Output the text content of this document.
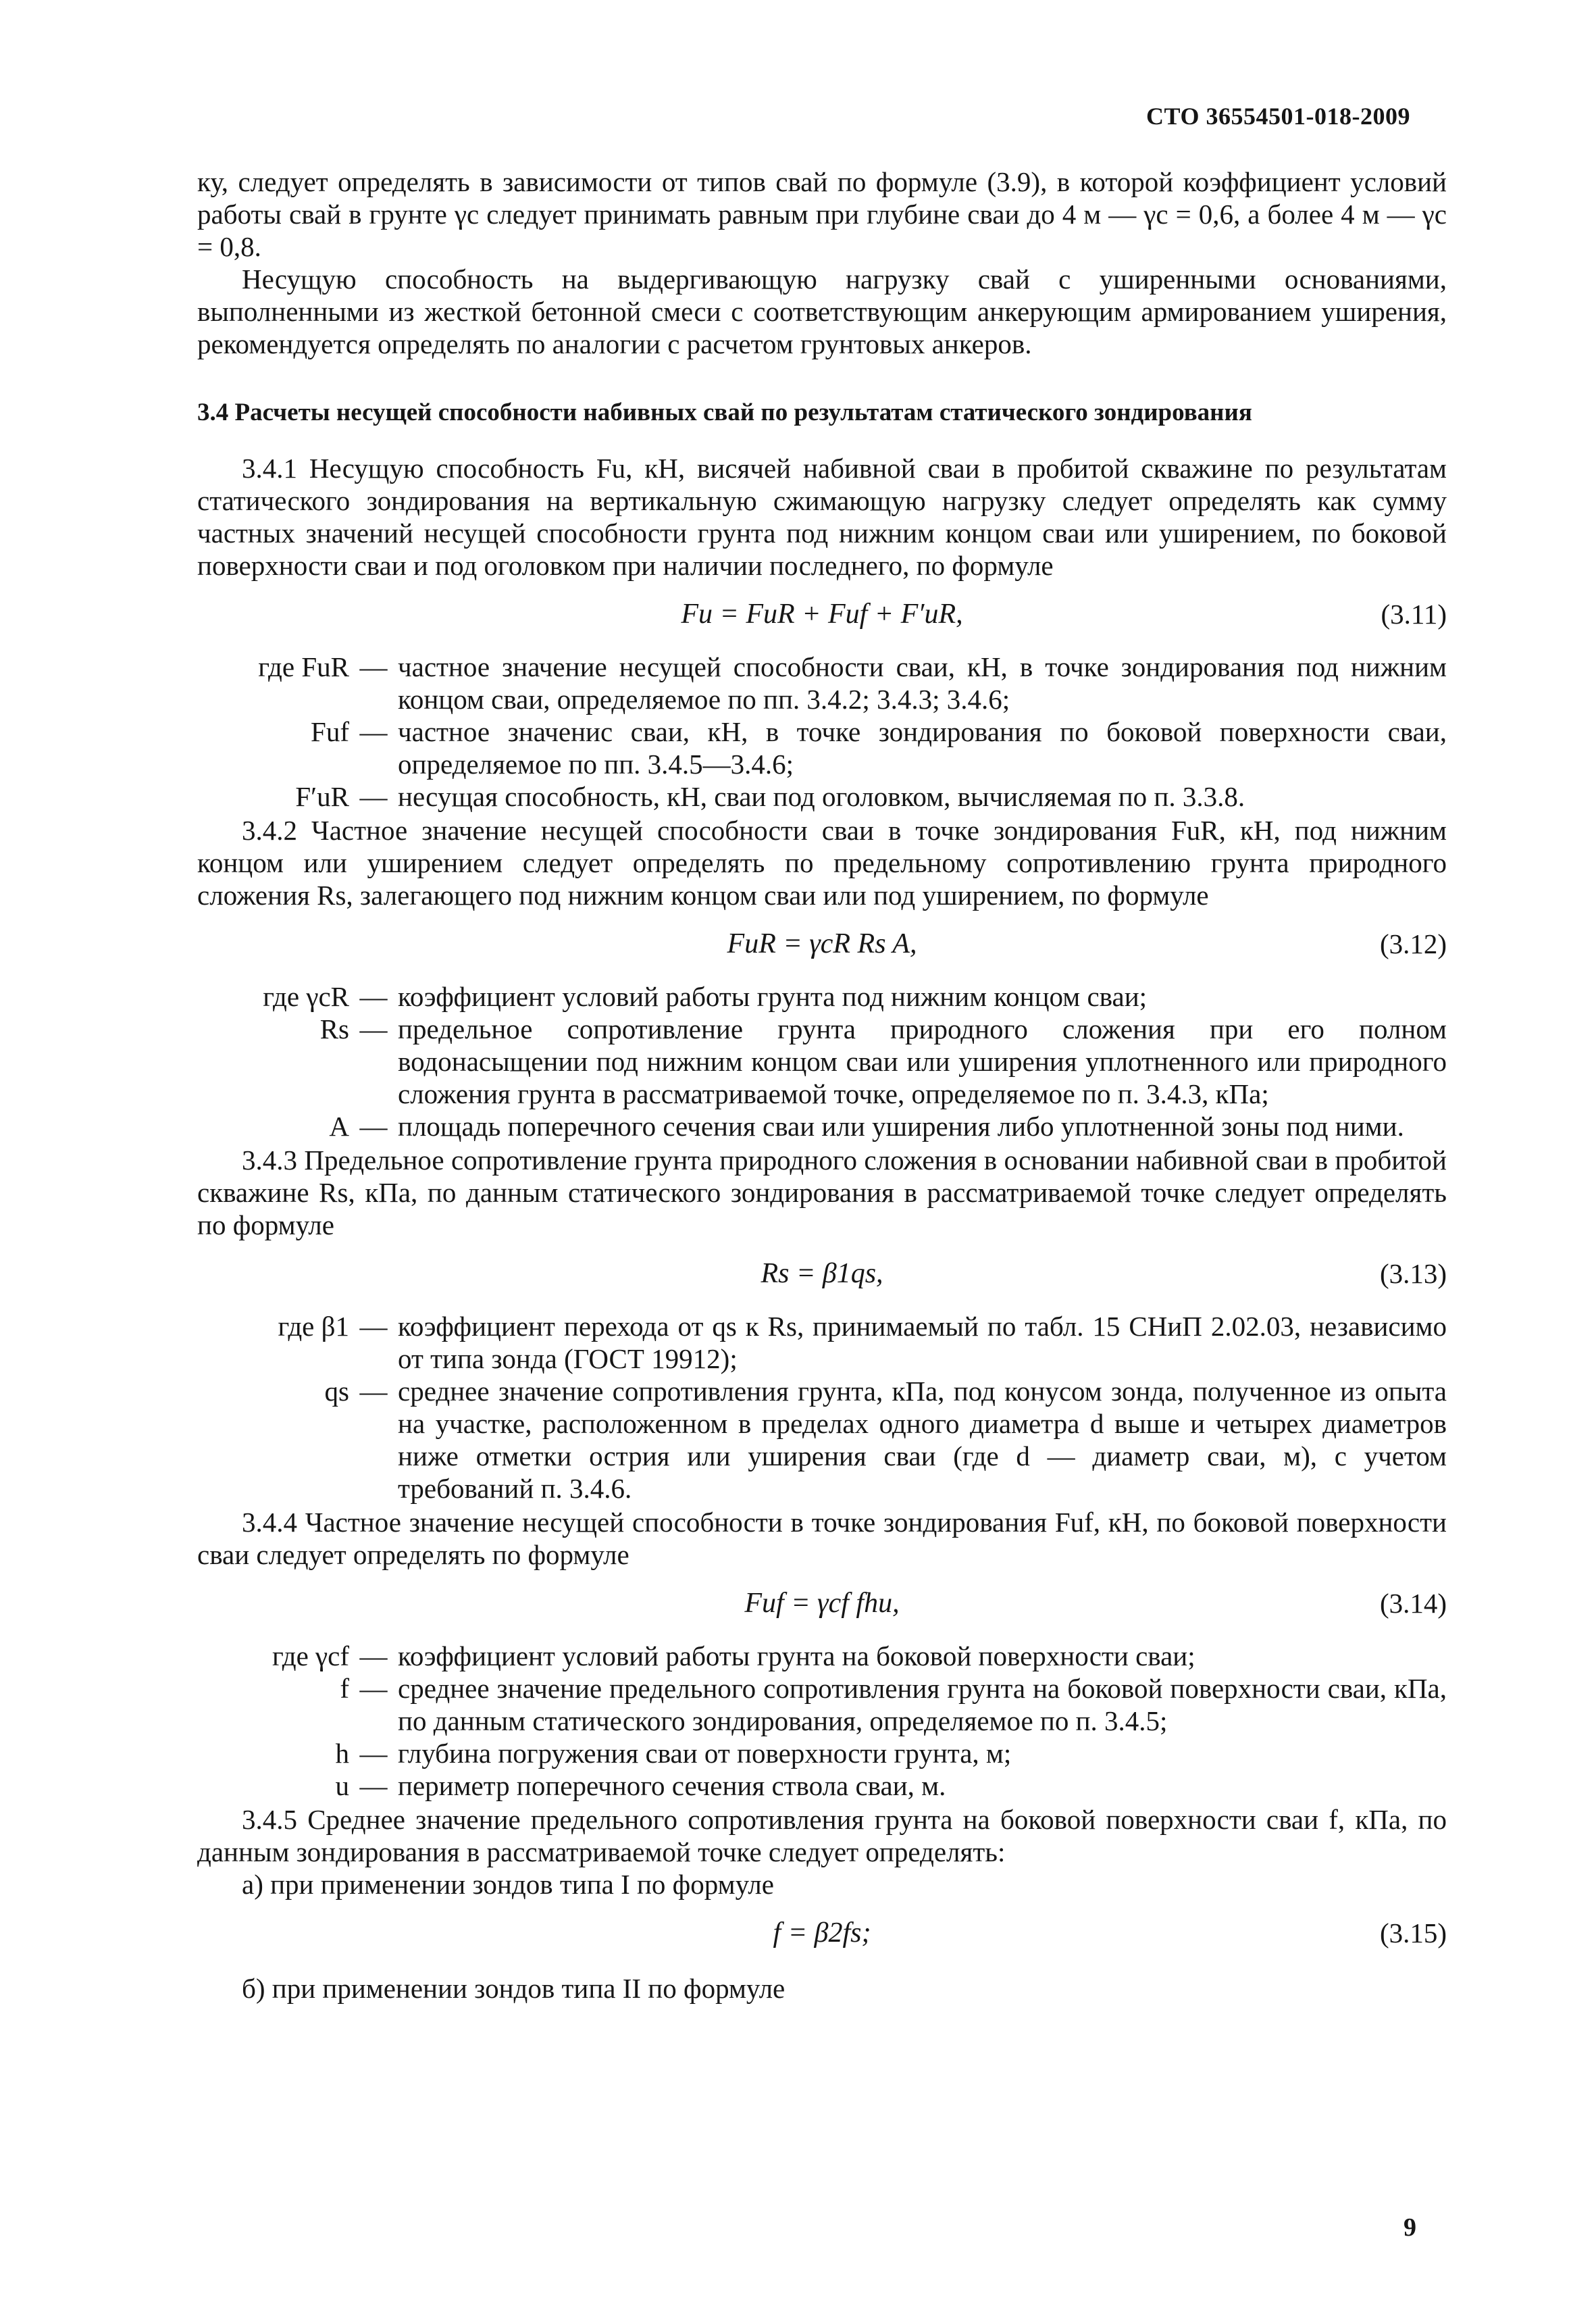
СТО 36554501-018-2009

ку, следует определять в зависимости от типов свай по формуле (3.9), в которой коэффициент условий работы свай в грунте γc следует принимать равным при глубине сваи до 4 м — γc = 0,6, а более 4 м — γc = 0,8.

Несущую способность на выдергивающую нагрузку свай с уширенными основаниями, выполненными из жесткой бетонной смеси с соответствующим анкерующим армированием уширения, рекомендуется определять по аналогии с расчетом грунтовых анкеров.

3.4 Расчеты несущей способности набивных свай по результатам статического зондирования

3.4.1 Несущую способность Fu, кН, висячей набивной сваи в пробитой скважине по результатам статического зондирования на вертикальную сжимающую нагрузку следует определять как сумму частных значений несущей способности грунта под нижним концом сваи или уширением, по боковой поверхности сваи и под оголовком при наличии последнего, по формуле

Fu = FuR + Fuf + F′uR,	(3.11)
где FuR — частное значение несущей способности сваи, кН, в точке зондирования под нижним концом сваи, определяемое по пп. 3.4.2; 3.4.3; 3.4.6;
Fuf — частное значенис сваи, кН, в точке зондирования по боковой поверхности сваи, определяемое по пп. 3.4.5—3.4.6;
F′uR — несущая способность, кН, сваи под оголовком, вычисляемая по п. 3.3.8.

3.4.2 Частное значение несущей способности сваи в точке зондирования FuR, кН, под нижним концом или уширением следует определять по предельному сопротивлению грунта природного сложения Rs, залегающего под нижним концом сваи или под уширением, по формуле

FuR = γcR Rs A,	(3.12)
где γcR — коэффициент условий работы грунта под нижним концом сваи;
Rs — предельное сопротивление грунта природного сложения при его полном водонасыщении под нижним концом сваи или уширения уплотненного или природного сложения грунта в рассматриваемой точке, определяемое по п. 3.4.3, кПа;
A — площадь поперечного сечения сваи или уширения либо уплотненной зоны под ними.

3.4.3 Предельное сопротивление грунта природного сложения в основании набивной сваи в пробитой скважине Rs, кПа, по данным статического зондирования в рассматриваемой точке следует определять по формуле

Rs = β1qs,	(3.13)
где β1 — коэффициент перехода от qs к Rs, принимаемый по табл. 15 СНиП 2.02.03, независимо от типа зонда (ГОСТ 19912);
qs — среднее значение сопротивления грунта, кПа, под конусом зонда, полученное из опыта на участке, расположенном в пределах одного диаметра d выше и четырех диаметров ниже отметки острия или уширения сваи (где d — диаметр сваи, м), с учетом требований п. 3.4.6.

3.4.4 Частное значение несущей способности в точке зондирования Fuf, кН, по боковой поверхности сваи следует определять по формуле

Fuf = γcf fhu,	(3.14)
где γcf — коэффициент условий работы грунта на боковой поверхности сваи;
f — среднее значение предельного сопротивления грунта на боковой поверхности сваи, кПа, по данным статического зондирования, определяемое по п. 3.4.5;
h — глубина погружения сваи от поверхности грунта, м;
u — периметр поперечного сечения ствола сваи, м.

3.4.5 Среднее значение предельного сопротивления грунта на боковой поверхности сваи f, кПа, по данным зондирования в рассматриваемой точке следует определять:

а) при применении зондов типа I по формуле

f = β2fs;	(3.15)

б) при применении зондов типа II по формуле

9
